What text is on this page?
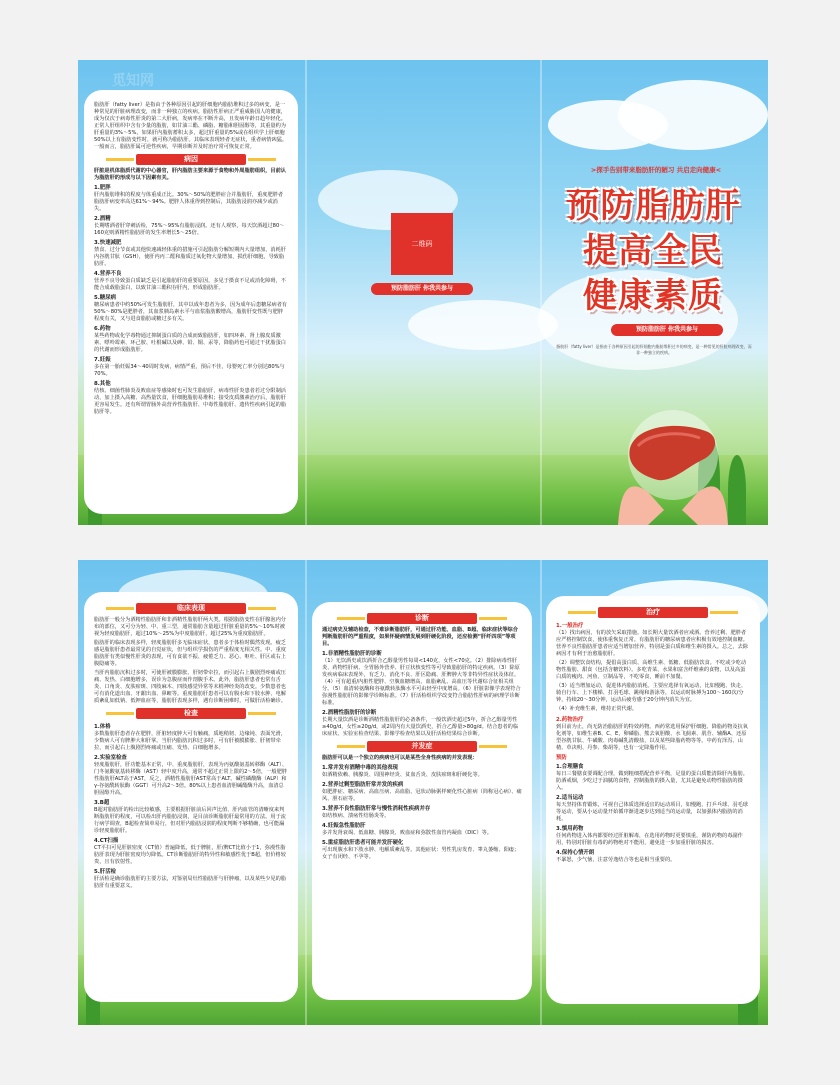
脂肪肝（fatty liver）是指由于各种原因引起的肝细胞内脂肪堆积过多的病变，是一种常见的肝脏病理改变，而非一种独立的疾病。脂肪性肝病正严重威胁国人的健康，成为仅次于病毒性肝炎的第二大肝病，发病率在不断升高，且发病年龄日趋年轻化。正常人肝组织中含有少量的脂肪，如甘油三酯、磷脂、糖脂和胆固醇等，其重量约为肝重量的3%～5%，如果肝内脂肪蓄积太多，超过肝重量的5%或在组织学上肝细胞50%以上有脂肪变性时，就可称为脂肪肝。其临床表现轻者无症状，重者病情凶猛。一般而言，脂肪肝属可逆性疾病，早期诊断并及时治疗常可恢复正常。

病因

肝脏是机体脂质代谢的中心器官，肝内脂肪主要来源于食物和外周脂肪组织，目前认为脂肪肝的形成与以下因素有关。

1.肥胖

肝内脂肪堆积的程度与体重成正比。30%～50%的肥胖症合并脂肪肝，重度肥胖者脂肪肝病变率高达61%～94%。肥胖人体重得到控制后，其脂肪浸润亦减少或消失。

2.酒精

长期嗜酒者肝穿刺活检，75%～95%有脂肪浸润。还有人观察，每天饮酒超过80～160克则酒精性脂肪肝的发生率增长5～25倍。

3.快速减肥

禁食、过分节食或其他快速减轻体重的措施可引起脂肪分解短期内大量增加，消耗肝内谷胱甘肽（GSH），使肝内丙二醛和脂质过氧化物大量增加，损伤肝细胞，导致脂肪肝。

4.营养不良

营养不良导致蛋白质缺乏是引起脂肪肝的重要原因，多见于摄食不足或消化障碍，不能合成载脂蛋白，以致甘油三酯积存肝内，形成脂肪肝。

5.糖尿病

糖尿病患者中约50%可发生脂肪肝，其中以成年患者为多，因为成年后患糖尿病者有50%～80%是肥胖者，其血浆胰岛素水平与血浆脂肪酸增高，脂肪肝变性既与肥胖程度有关，又与进食脂肪或糖过多有关。

6.药物

某些药物或化学毒物通过抑制蛋白质的合成而致脂肪肝，如四环素、肾上腺皮质激素、嘌呤霉素、环己胺、吐根碱以及砷、铅、铜、汞等，降脂药也可通过干扰脂蛋白的代谢而形成脂肪肝。

7.妊娠

多在第一胎妊娠34～40周时发病，病情严重，预后不佳，母婴死亡率分别达80%与70%。

8.其他

结核、细菌性肺炎及败血症等感染时也可发生脂肪肝，病毒性肝炎患者若过分限制活动，加上摄入高糖、高热量饮食，肝细胞脂肪易堆积；接受皮质激素治疗后，脂肪肝更容易发生。还有所谓胃肠外高营养性脂肪肝、中毒性脂肪肝、遗传性疾病引起的脂肪肝等。

二维码
预防脂肪肝 你我共参与
>探手告别带来脂肪肝的陋习 共启走向健康<
预防脂肪肝
提高全民
健康素质
预防脂肪肝 你我共参与
脂肪肝（fatty liver）是指由于各种原因引起的肝细胞内脂肪堆积过多的病变，是一种常见的肝脏病理改变，而非一种独立的疾病。
临床表现

脂肪肝一般分为酒精性脂肪肝和非酒精性脂肪肝两大类。根据脂肪变性在肝腺泡内分布的部位，又可分为轻、中、重三型，通常脂肪含量超过肝脏重量的5%～10%时被视为轻度脂肪肝，超过10%～25%为中度脂肪肝，超过25%为重度脂肪肝。

脂肪肝的临床表现多样，轻度脂肪肝多无临床症状，患者多于体检时偶然发现。疲乏感是脂肪肝患者最常见的自觉症状，但与组织学损伤的严重程度无相关性。中、重度脂肪肝有类似慢性肝炎的表现，可有食欲不振、疲倦乏力、恶心、呕吐、肝区或右上腹隐痛等。

当肝内脂肪沉积过多时，可使肝被膜膨胀、肝韧带牵拉，而引起右上腹剧烈疼痛或压痛、发热、白细胞增多，误诊为急腹症而作剖腹手术。此外，脂肪肝患者也常有舌炎、口角炎、皮肤瘀斑、四肢麻木、四肢感觉异常等末梢神经炎的改变。少数患者也可有消化道出血、牙龈出血、鼻衄等。重度脂肪肝患者可以有腹水和下肢水肿、电解质紊乱如低钠、低钾血症等，脂肪肝表现多样，遇有诊断困难时，可做肝活检确诊。

检查
1.体格

多数脂肪肝患者存在肥胖，肝脏轻度肿大可有触痛，质地稍韧、边缘钝、表面光滑，少数病人可有脾肿大和肝掌。当肝内脂肪沉积过多时，可有肝被膜膨胀、肝韧带牵拉，而引起右上腹剧烈疼痛或压痛、发热、白细胞增多。

2.实验室检查

轻度脂肪肝，肝功能基本正常，中、重度脂肪肝，表现为丙氨酸氨基转移酶（ALT）、门冬氨酸氨基转移酶（AST）轻中度升高，通常不超过正常上限的2～5倍，一般肥胖性脂肪肝ALT高于AST，反之，酒精性脂肪肝AST常高于ALT。碱性磷酸酶（ALP）和γ-谷氨酰转肽酶（GGT）可升高2～3倍。80%以上患者血清胆碱酯酶升高，血清总胆固醇升高。

3.B超

B超对脂肪肝的检出比较敏感，主要根据肝脏前后回声比值、肝内血管的清晰度来判断脂肪肝的程度，可以检出肝内脂肪浸润，是目前诊断脂肪肝最常用的方法。用于流行病学调查，B超检查简单易行，但对肝内脂肪浸润的程度判断不够精确，也可能漏诊轻度脂肪肝。

4.CT扫描

CT平扫可见肝脏密度（CT值）普遍降低，低于脾脏，肝/脾CT比值小于1，弥漫性脂肪肝表现为肝脏密度均匀降低。CT诊断脂肪肝的特异性和敏感性优于B超，但价格较贵，且有放射性。

5.肝活检

肝活检是确诊脂肪肝的主要方法，对鉴别局灶性脂肪肝与肝肿瘤，以及某些少见的脂肪肝有重要意义。

诊断

通过病史及辅助检查，不难诊断脂肪肝，可通过肝功能、血脂、B超、临床症状等综合判断脂肪肝的严重程度，如果怀疑病情发展到肝硬化阶段，还应检测“肝纤四项”等项目。

1.非酒精性脂肪肝的诊断

（1）无饮酒史或饮酒折合乙醇量男性每周<140克，女性<70克。（2）排除病毒性肝炎、药物性肝病、全胃肠外营养、肝豆状核变性等可导致脂肪肝的特定疾病。（3）除原发疾病临床表现外，有乏力、消化不良、肝区隐痛、肝脾肿大等非特异性症状及体征。（4）可有超重/内脏性肥胖、空腹血糖增高、血脂紊乱、高血压等代谢综合征相关组分。（5）血清转氨酶和谷氨酰转肽酶水平可由轻至中度增高。（6）肝脏影像学表现符合弥漫性脂肪肝的影像学诊断标准。（7）肝活检组织学改变符合脂肪性肝病的病理学诊断标准。

2.酒精性脂肪肝的诊断

长期大量饮酒是诊断酒精性脂肪肝的必备条件，一般饮酒史超过5年，折合乙醇量男性≥40g/d，女性≥20g/d，或2周内有大量饮酒史，折合乙醇量>80g/d。结合患者的临床症状、实验室检查结果、影像学检查结果以及肝活检结果综合诊断。

并发症

脂肪肝可以是一个独立的疾病也可以是某些全身性疾病的并发表现：

1.常并发有酒精中毒的其他表现

如酒精依赖、胰腺炎、周围神经炎、贫血舌炎、皮肤瘀斑和肝硬化等。

2.营养过剩型脂肪肝常并发的疾病

如肥胖症、糖尿病、高血压病、高血脂、冠状动脉粥样硬化性心脏病（简称冠心病）、痛风、胆石症等。

3.营养不良性脂肪肝常与慢性消耗性疾病并存

如结核病、溃疡性结肠炎等。

4.妊娠急性脂肪肝

多并发肾衰竭、低血糖、胰腺炎、败血症和弥散性血管内凝血（DIC）等。

5.重症脂肪肝患者可能并发肝硬化

可出现腹水和下肢水肿、电解质紊乱等。其他症状：男性乳房发育、睾丸萎缩、阳痿；女子有闭经、不孕等。

治疗
1.一般治疗

（1）找出病因，有的放矢采取措施。如长期大量饮酒者应戒酒。营养过剩、肥胖者应严格控制饮食，使体重恢复正常。有脂肪肝的糖尿病患者应积极有效地控制血糖。营养不良性脂肪肝患者应适当增加营养，特别是蛋白质和维生素的摄入。总之，去除病因才有利于治愈脂肪肝。

（2）调整饮食结构，提倡高蛋白质、高维生素、低糖、低脂肪饮食。不吃或少吃动物性脂肪、甜食（包括含糖饮料）。多吃青菜、水果和富含纤维素的食物，以及高蛋白质的瘦肉、河鱼、豆制品等，不吃零食，睡前不加餐。

（3）适当增加运动，促进体内脂肪消耗。主要应选择有氧运动，比如慢跑、快走、骑自行车、上下楼梯、打羽毛球、跳绳和游泳等，以运动时脉搏为100～160次/分钟，持续20～30分钟，运动后疲劳感于20分钟内消失为宜。

（4）补充维生素，维持正常代谢。

2.药物治疗

到目前为止，尚无防治脂肪肝的特效药物。西药常选用保护肝细胞、降脂药物及抗氧化剂等，如维生素B、C、E，卵磷脂、熊去氧胆酸、水飞蓟素、肌苷、辅酶A、还原型谷胱甘肽、牛磺酸、肉毒碱乳清酸盐，以及某些降脂药物等等。中药有泽泻、山楂、草决明、丹参、柴胡等，也有一定降脂作用。

预防
1.合理膳食

每日三餐膳食要调配合理，做到粗细搭配营养平衡，足量的蛋白质能清除肝内脂肪。防酒戒烟，少吃过于油腻的食物，控制脂肪的摄入量，尤其是避免动物性脂肪的摄入。

2.适当运动

每天坚持体育锻炼，可视自己体质选择适宜的运动项目，如慢跑、打乒乓球、羽毛球等运动，要从小运动量开始循序渐进逐步达到适当的运动量，以加强体内脂肪的消耗。

3.慎用药物

任何药物进入体内都要经过肝脏解毒，在选用药物时更要慎重，谨防药物的毒副作用，特别对肝脏有毒的药物绝对不能用，避免进一步加重肝脏的损害。

4.保持心情开朗

不暴怒，少气恼，注意劳逸结合等也是相当重要的。

觅知网
